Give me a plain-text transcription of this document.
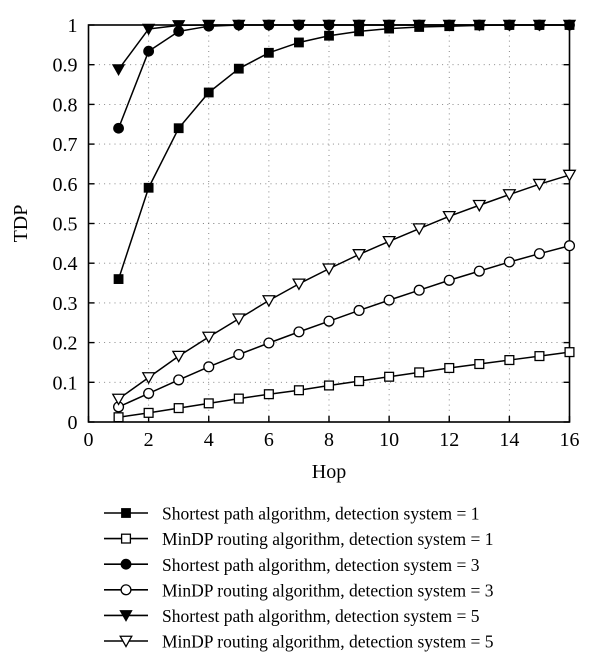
0	2	4	6	8 10 12 14 16
0
0.1
0.2
0.3
0.4
0.5
0.6
0.7
0.8
0.9
1
Hop
TDP
Shortest path algorithm, detection system = 1
MinDP routing algorithm, detection system = 1
Shortest path algorithm, detection system = 3
MinDP routing algorithm, detection system = 3
Shortest path algorithm, detection system = 5
MinDP routing algorithm, detection system = 5
